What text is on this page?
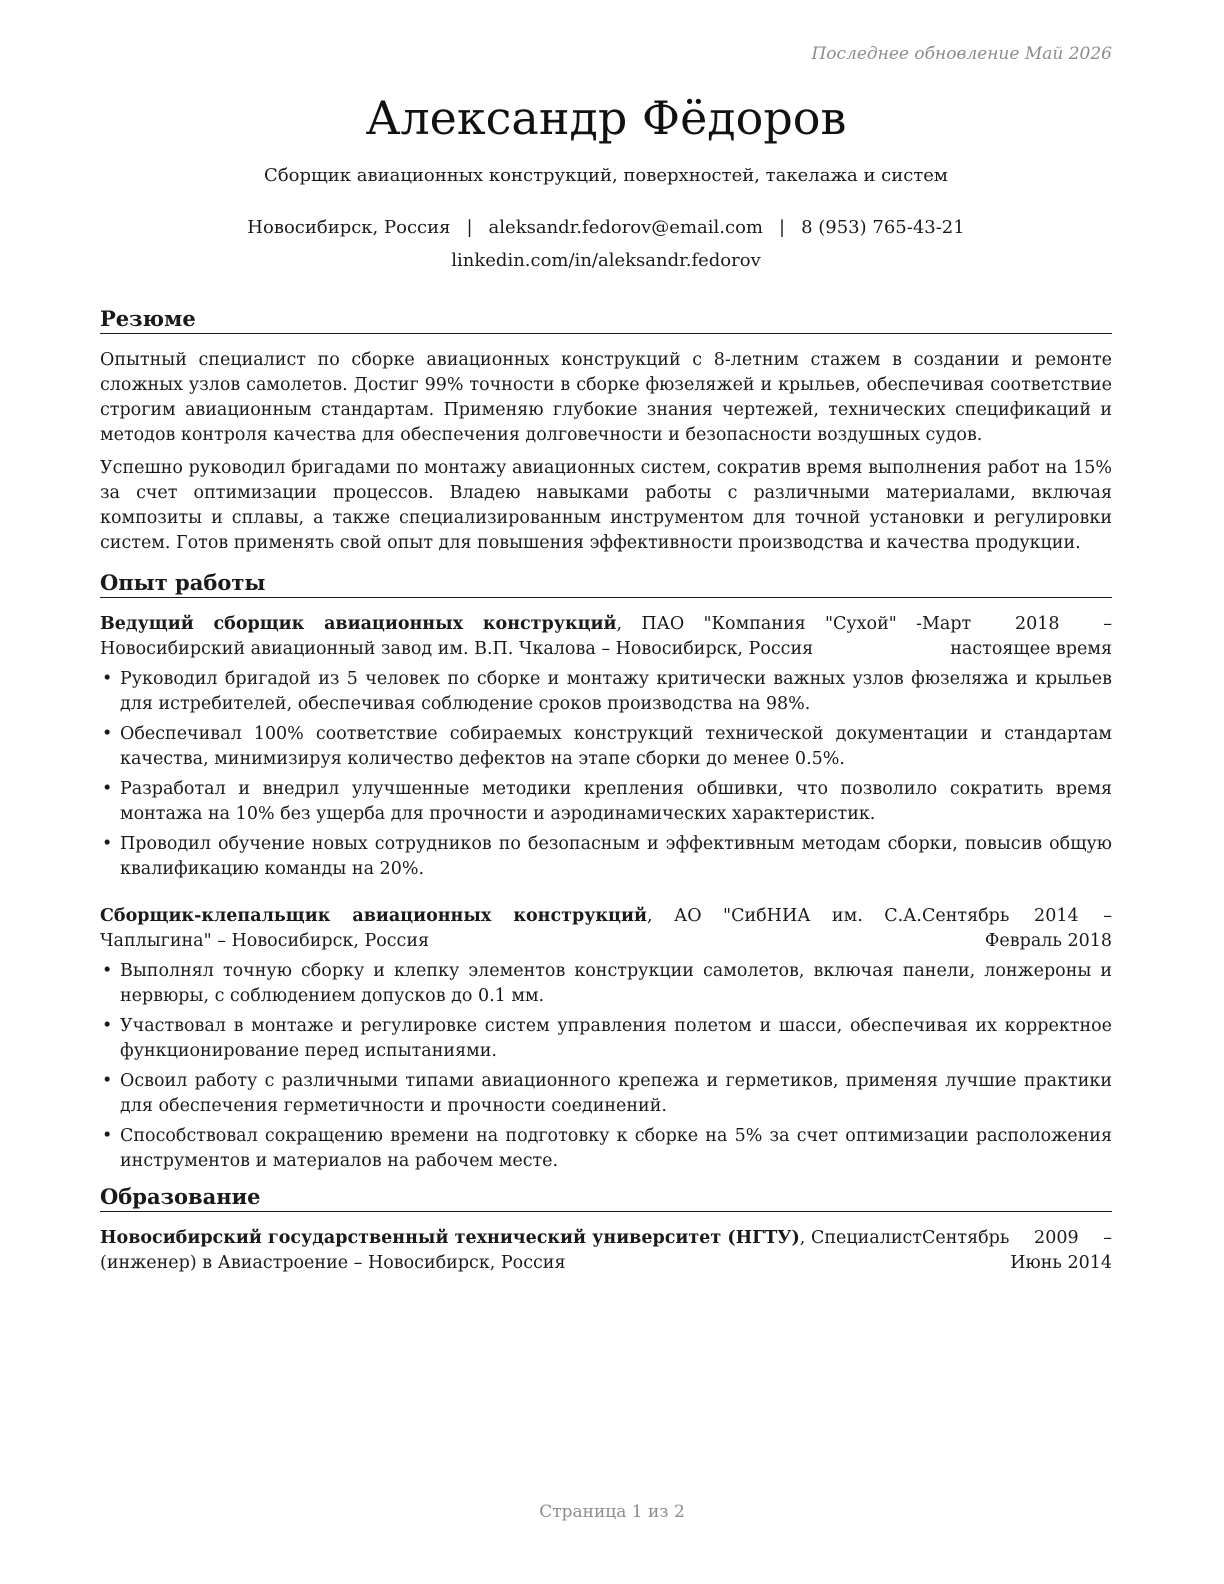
Последнее обновление Май 2026
Александр Фёдоров
Сборщик авиационных конструкций, поверхностей, такелажа и систем
Новосибирск, Россия | aleksandr.fedorov@email.com | 8 (953) 765-43-21
linkedin.com/in/aleksandr.fedorov
Резюме

Опытный специалист по сборке авиационных конструкций с 8-летним стажем в создании и ремонте сложных узлов самолетов. Достиг 99% точности в сборке фюзеляжей и крыльев, обеспечивая соответствие строгим авиационным стандартам. Применяю глубокие знания чертежей, технических спецификаций и методов контроля качества для обеспечения долговечности и безопасности воздушных судов.

Успешно руководил бригадами по монтажу авиационных систем, сократив время выполнения работ на 15% за счет оптимизации процессов. Владею навыками работы с различными материалами, включая композиты и сплавы, а также специализированным инструментом для точной установки и регулировки систем. Готов применять свой опыт для повышения эффективности производства и качества продукции.

Опыт работы
Ведущий сборщик авиационных конструкций, ПАО "Компания "Сухой" - Новосибирский авиационный завод им. В.П. Чкалова – Новосибирск, Россия
Март 2018 – настоящее время
• Руководил бригадой из 5 человек по сборке и монтажу критически важных узлов фюзеляжа и крыльев для истребителей, обеспечивая соблюдение сроков производства на 98%.
• Обеспечивал 100% соответствие собираемых конструкций технической документации и стандартам качества, минимизируя количество дефектов на этапе сборки до менее 0.5%.
• Разработал и внедрил улучшенные методики крепления обшивки, что позволило сократить время монтажа на 10% без ущерба для прочности и аэродинамических характеристик.
• Проводил обучение новых сотрудников по безопасным и эффективным методам сборки, повысив общую квалификацию команды на 20%.
Сборщик-клепальщик авиационных конструкций, АО "СибНИА им. С.А. Чаплыгина" – Новосибирск, Россия
Сентябрь 2014 – Февраль 2018
• Выполнял точную сборку и клепку элементов конструкции самолетов, включая панели, лонжероны и нервюры, с соблюдением допусков до 0.1 мм.
• Участвовал в монтаже и регулировке систем управления полетом и шасси, обеспечивая их корректное функционирование перед испытаниями.
• Освоил работу с различными типами авиационного крепежа и герметиков, применяя лучшие практики для обеспечения герметичности и прочности соединений.
• Способствовал сокращению времени на подготовку к сборке на 5% за счет оптимизации расположения инструментов и материалов на рабочем месте.
Образование
Новосибирский государственный технический университет (НГТУ), Специалист (инженер) в Авиастроение – Новосибирск, Россия
Сентябрь 2009 – Июнь 2014
Страница 1 из 2
